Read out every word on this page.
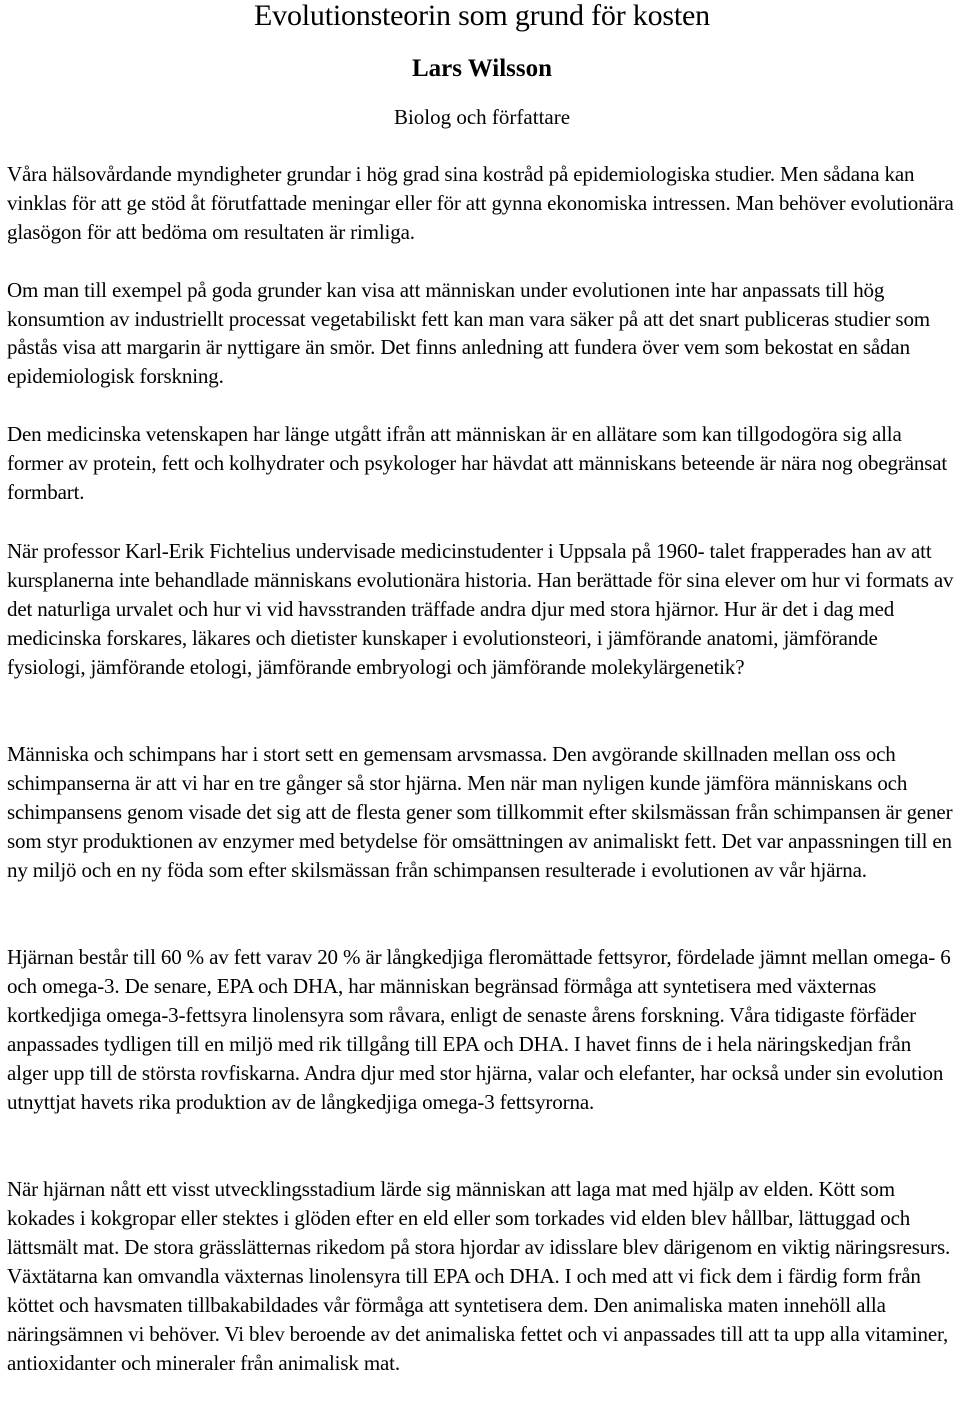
Evolutionsteorin som grund för kosten
Lars Wilsson
Biolog och författare

Våra hälsovårdande myndigheter grundar i hög grad sina kostråd på epidemiologiska studier. Men sådana kan vinklas för att ge stöd åt förutfattade meningar eller för att gynna ekonomiska intressen. Man behöver evolutionära glasögon för att bedöma om resultaten är rimliga.

Om man till exempel på goda grunder kan visa att människan under evolutionen inte har anpassats till hög konsumtion av industriellt processat vegetabiliskt fett kan man vara säker på att det snart publiceras studier som påstås visa att margarin är nyttigare än smör. Det finns anledning att fundera över vem som bekostat en sådan epidemiologisk forskning.

Den medicinska vetenskapen har länge utgått ifrån att människan är en allätare som kan tillgodogöra sig alla former av protein, fett och kolhydrater och psykologer har hävdat att människans beteende är nära nog obegränsat formbart.

När professor Karl-Erik Fichtelius undervisade medicinstudenter i Uppsala på 1960- talet frapperades han av att kursplanerna inte behandlade människans evolutionära historia. Han berättade för sina elever om hur vi formats av det naturliga urvalet och hur vi vid havsstranden träffade andra djur med stora hjärnor. Hur är det i dag med medicinska forskares, läkares och dietister kunskaper i evolutionsteori, i jämförande anatomi, jämförande fysiologi, jämförande etologi, jämförande embryologi och jämförande molekylärgenetik?

Människa och schimpans har i stort sett en gemensam arvsmassa. Den avgörande skillnaden mellan oss och schimpanserna är att vi har en tre gånger så stor hjärna. Men när man nyligen kunde jämföra människans och schimpansens genom visade det sig att de flesta gener som tillkommit efter skilsmässan från schimpansen är gener som styr produktionen av enzymer med betydelse för omsättningen av animaliskt fett. Det var anpassningen till en ny miljö och en ny föda som efter skilsmässan från schimpansen resulterade i evolutionen av vår hjärna.

Hjärnan består till 60 % av fett varav 20 % är långkedjiga fleromättade fettsyror, fördelade jämnt mellan omega- 6 och omega-3. De senare, EPA och DHA, har människan begränsad förmåga att syntetisera med växternas kortkedjiga omega-3-fettsyra linolensyra som råvara, enligt de senaste årens forskning. Våra tidigaste förfäder anpassades tydligen till en miljö med rik tillgång till EPA och DHA. I havet finns de i hela näringskedjan från alger upp till de största rovfiskarna. Andra djur med stor hjärna, valar och elefanter, har också under sin evolution utnyttjat havets rika produktion av de långkedjiga omega-3 fettsyrorna.

När hjärnan nått ett visst utvecklingsstadium lärde sig människan att laga mat med hjälp av elden. Kött som kokades i kokgropar eller stektes i glöden efter en eld eller som torkades vid elden blev hållbar, lättuggad och lättsmält mat. De stora grässlätternas rikedom på stora hjordar av idisslare blev därigenom en viktig näringsresurs. Växtätarna kan omvandla växternas linolensyra till EPA och DHA. I och med att vi fick dem i färdig form från köttet och havsmaten tillbakabildades vår förmåga att syntetisera dem. Den animaliska maten innehöll alla näringsämnen vi behöver. Vi blev beroende av det animaliska fettet och vi anpassades till att ta upp alla vitaminer, antioxidanter och mineraler från animalisk mat.
